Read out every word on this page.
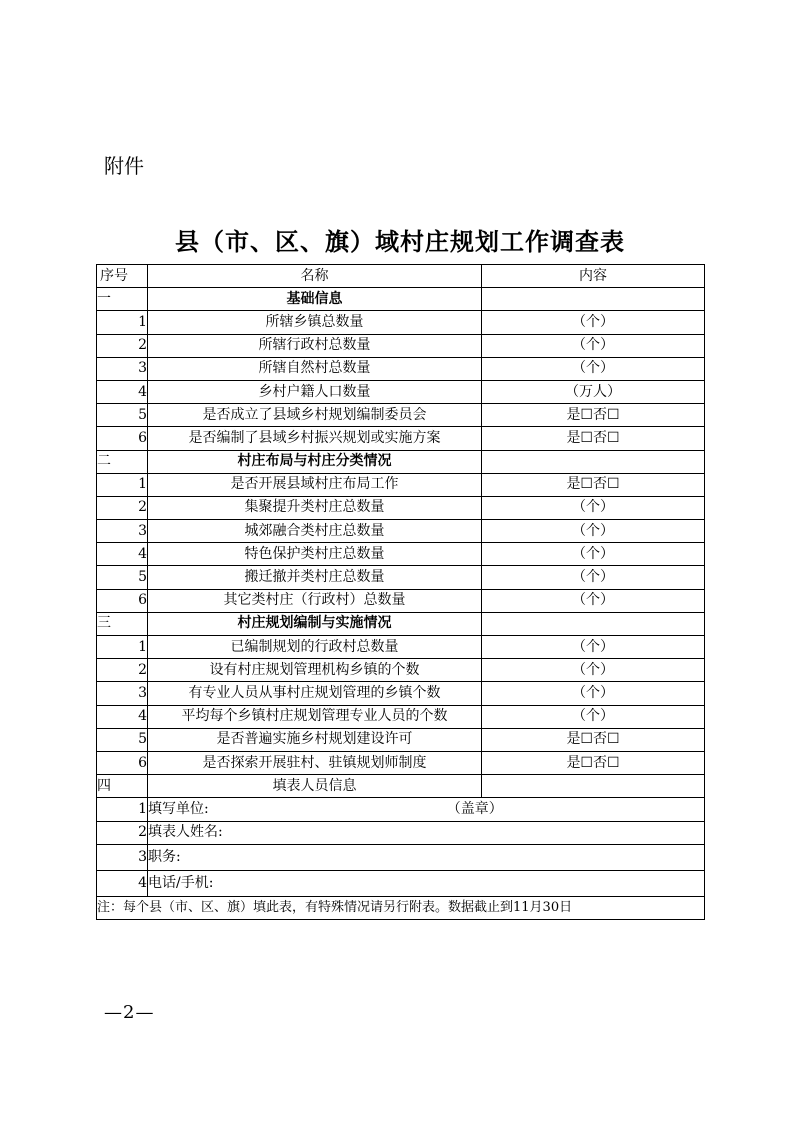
附件
县（市、区、旗）域村庄规划工作调查表
序号	名称	内容
一	基础信息	
1	所辖乡镇总数量	（个）
2	所辖行政村总数量	（个）
3	所辖自然村总数量	（个）
4	乡村户籍人口数量	（万人）
5	是否成立了县域乡村规划编制委员会	是☐否☐
6	是否编制了县域乡村振兴规划或实施方案	是☐否☐
二	村庄布局与村庄分类情况	
1	是否开展县域村庄布局工作	是☐否☐
2	集聚提升类村庄总数量	（个）
3	城郊融合类村庄总数量	（个）
4	特色保护类村庄总数量	（个）
5	搬迁撤并类村庄总数量	（个）
6	其它类村庄（行政村）总数量	（个）
三	村庄规划编制与实施情况	
1	已编制规划的行政村总数量	（个）
2	设有村庄规划管理机构乡镇的个数	（个）
3	有专业人员从事村庄规划管理的乡镇个数	（个）
4	平均每个乡镇村庄规划管理专业人员的个数	（个）
5	是否普遍实施乡村规划建设许可	是☐否☐
6	是否探索开展驻村、驻镇规划师制度	是☐否☐
四	填表人员信息	
1	填写单位: （盖章）	
2	填表人姓名:	
3	职务:	
4	电话/手机:	
注：每个县（市、区、旗）填此表，有特殊情况请另行附表。数据截止到11月30日		
—2—
